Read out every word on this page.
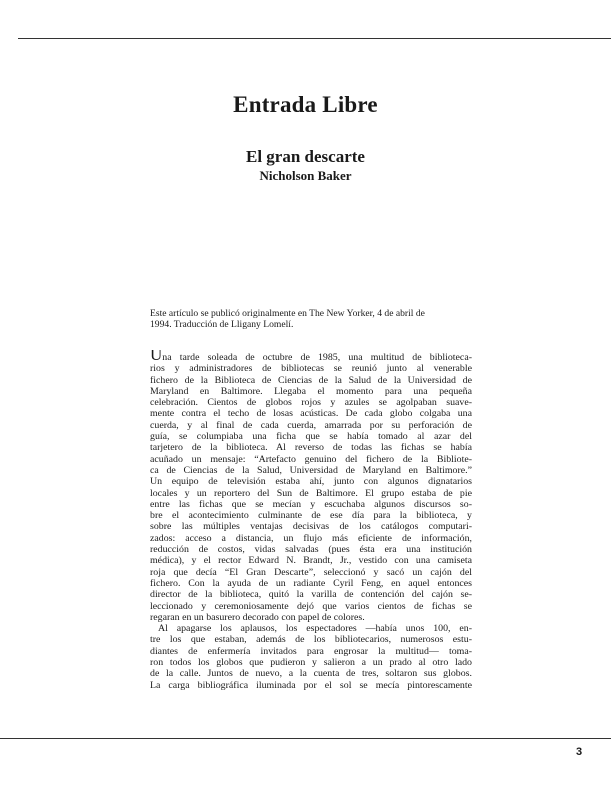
Entrada Libre
El gran descarte
Nicholson Baker
Este artículo se publicó originalmente en The New Yorker, 4 de abril de
1994. Traducción de Lligany Lomelí.
Una tarde soleada de octubre de 1985, una multitud de biblioteca-
rios y administradores de bibliotecas se reunió junto al venerable
fichero de la Biblioteca de Ciencias de la Salud de la Universidad de
Maryland en Baltimore. Llegaba el momento para una pequeña
celebración. Cientos de globos rojos y azules se agolpaban suave-
mente contra el techo de losas acústicas. De cada globo colgaba una
cuerda, y al final de cada cuerda, amarrada por su perforación de
guía, se columpiaba una ficha que se había tomado al azar del
tarjetero de la biblioteca. Al reverso de todas las fichas se había
acuñado un mensaje: “Artefacto genuino del fichero de la Bibliote-
ca de Ciencias de la Salud, Universidad de Maryland en Baltimore.”
Un equipo de televisión estaba ahí, junto con algunos dignatarios
locales y un reportero del Sun de Baltimore. El grupo estaba de pie
entre las fichas que se mecían y escuchaba algunos discursos so-
bre el acontecimiento culminante de ese día para la biblioteca, y
sobre las múltiples ventajas decisivas de los catálogos computari-
zados: acceso a distancia, un flujo más eficiente de información,
reducción de costos, vidas salvadas (pues ésta era una institución
médica), y el rector Edward N. Brandt, Jr., vestido con una camiseta
roja que decía “El Gran Descarte”, seleccionó y sacó un cajón del
fichero. Con la ayuda de un radiante Cyril Feng, en aquel entonces
director de la biblioteca, quitó la varilla de contención del cajón se-
leccionado y ceremoniosamente dejó que varios cientos de fichas se
regaran en un basurero decorado con papel de colores.
Al apagarse los aplausos, los espectadores —había unos 100, en-
tre los que estaban, además de los bibliotecarios, numerosos estu-
diantes de enfermería invitados para engrosar la multitud— toma-
ron todos los globos que pudieron y salieron a un prado al otro lado
de la calle. Juntos de nuevo, a la cuenta de tres, soltaron sus globos.
La carga bibliográfica iluminada por el sol se mecía pintorescamente
3
